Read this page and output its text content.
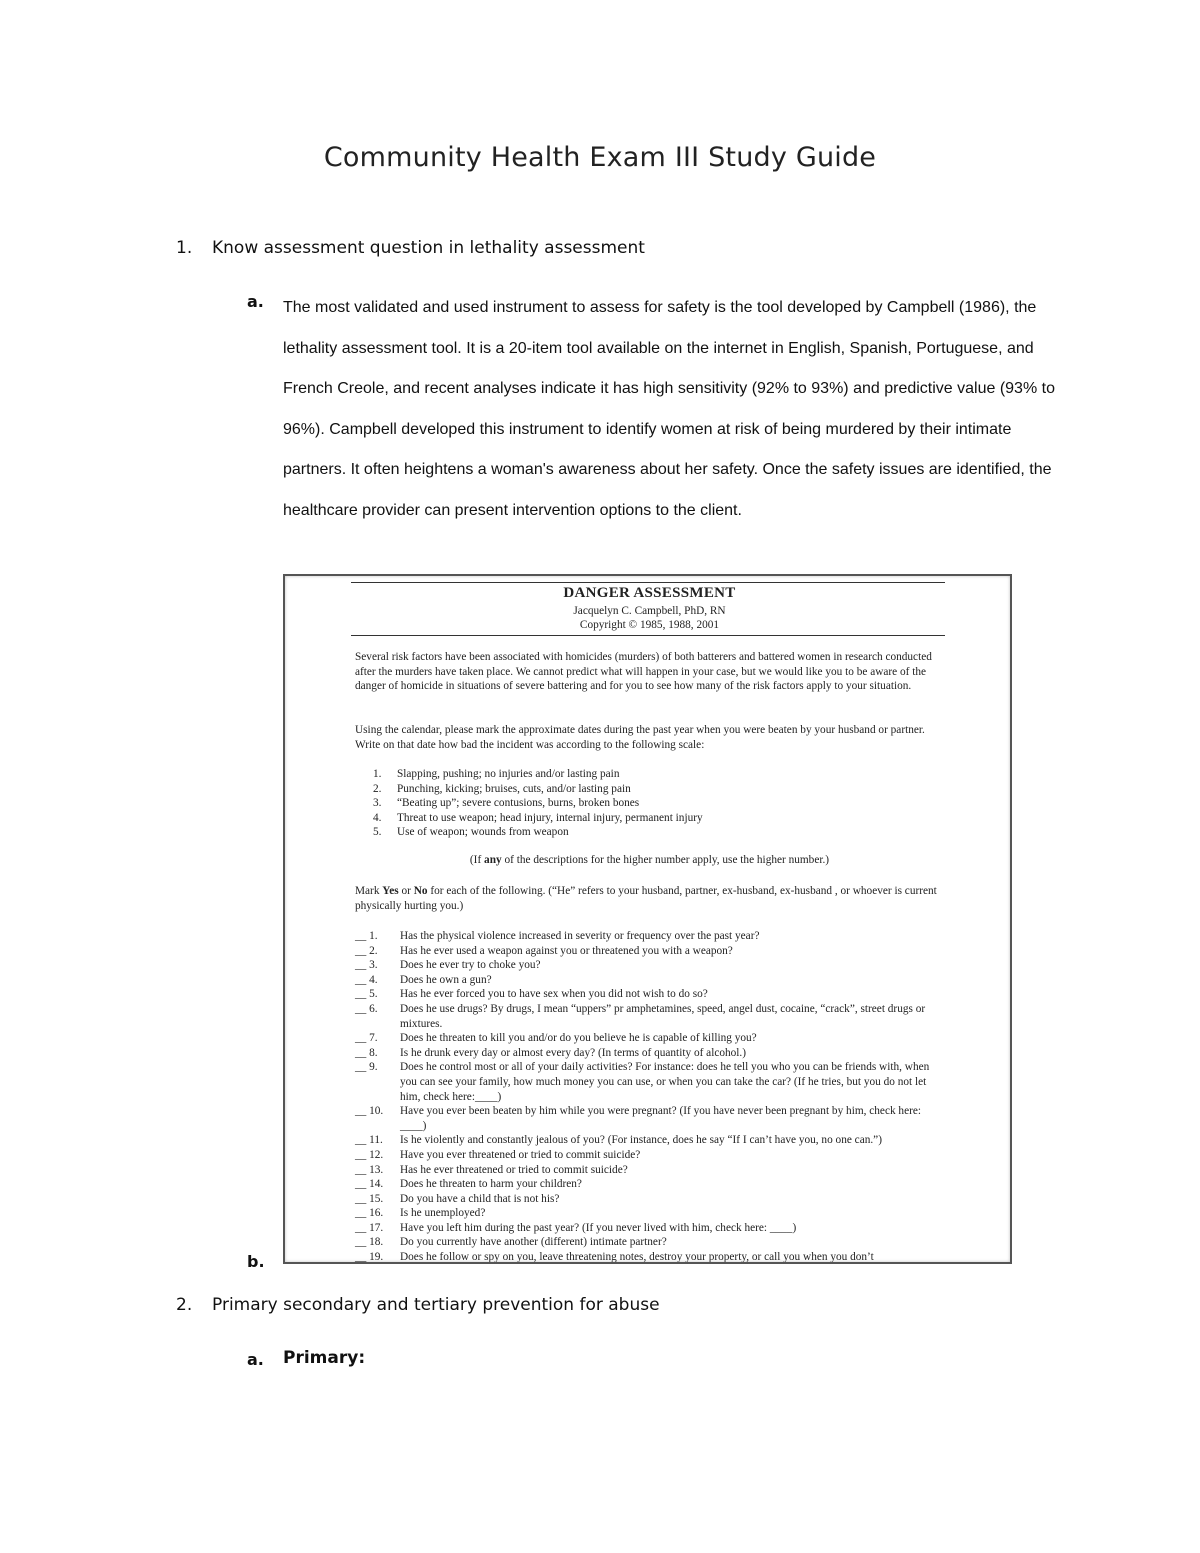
Community Health Exam III Study Guide
1. Know assessment question in lethality assessment
a. The most validated and used instrument to assess for safety is the tool developed by Campbell (1986), the lethality assessment tool. It is a 20-item tool available on the internet in English, Spanish, Portuguese, and French Creole, and recent analyses indicate it has high sensitivity (92% to 93%) and predictive value (93% to 96%). Campbell developed this instrument to identify women at risk of being murdered by their intimate partners. It often heightens a woman's awareness about her safety. Once the safety issues are identified, the healthcare provider can present intervention options to the client.

DANGER ASSESSMENT
Jacquelyn C. Campbell, PhD, RN
Copyright © 1985, 1988, 2001

Several risk factors have been associated with homicides (murders) of both batterers and battered women in research conducted after the murders have taken place. We cannot predict what will happen in your case, but we would like you to be aware of the danger of homicide in situations of severe battering and for you to see how many of the risk factors apply to your situation.

Using the calendar, please mark the approximate dates during the past year when you were beaten by your husband or partner. Write on that date how bad the incident was according to the following scale:

1.	Slapping, pushing; no injuries and/or lasting pain
2.	Punching, kicking; bruises, cuts, and/or lasting pain
3.	“Beating up”; severe contusions, burns, broken bones
4.	Threat to use weapon; head injury, internal injury, permanent injury
5.	Use of weapon; wounds from weapon
(If any of the descriptions for the higher number apply, use the higher number.)

Mark Yes or No for each of the following. (“He” refers to your husband, partner, ex-husband, ex-husband , or whoever is current physically hurting you.)

__ 1.	Has the physical violence increased in severity or frequency over the past year?
__ 2.	Has he ever used a weapon against you or threatened you with a weapon?
__ 3.	Does he ever try to choke you?
__ 4.	Does he own a gun?
__ 5.	Has he ever forced you to have sex when you did not wish to do so?
__ 6.	Does he use drugs? By drugs, I mean “uppers” pr amphetamines, speed, angel dust, cocaine, “crack”, street drugs or mixtures.
__ 7.	Does he threaten to kill you and/or do you believe he is capable of killing you?
__ 8.	Is he drunk every day or almost every day? (In terms of quantity of alcohol.)
__ 9.	Does he control most or all of your daily activities? For instance: does he tell you who you can be friends with, when you can see your family, how much money you can use, or when you can take the car? (If he tries, but you do not let him, check here:____)
__ 10.	Have you ever been beaten by him while you were pregnant? (If you have never been pregnant by him, check here: ____)
__ 11.	Is he violently and constantly jealous of you? (For instance, does he say “If I can’t have you, no one can.”)
__ 12.	Have you ever threatened or tried to commit suicide?
__ 13.	Has he ever threatened or tried to commit suicide?
__ 14.	Does he threaten to harm your children?
__ 15.	Do you have a child that is not his?
__ 16.	Is he unemployed?
__ 17.	Have you left him during the past year? (If you never lived with him, check here: ____)
__ 18.	Do you currently have another (different) intimate partner?
__ 19.	Does he follow or spy on you, leave threatening notes, destroy your property, or call you when you don’t
b.
2. Primary secondary and tertiary prevention for abuse
a. Primary:
